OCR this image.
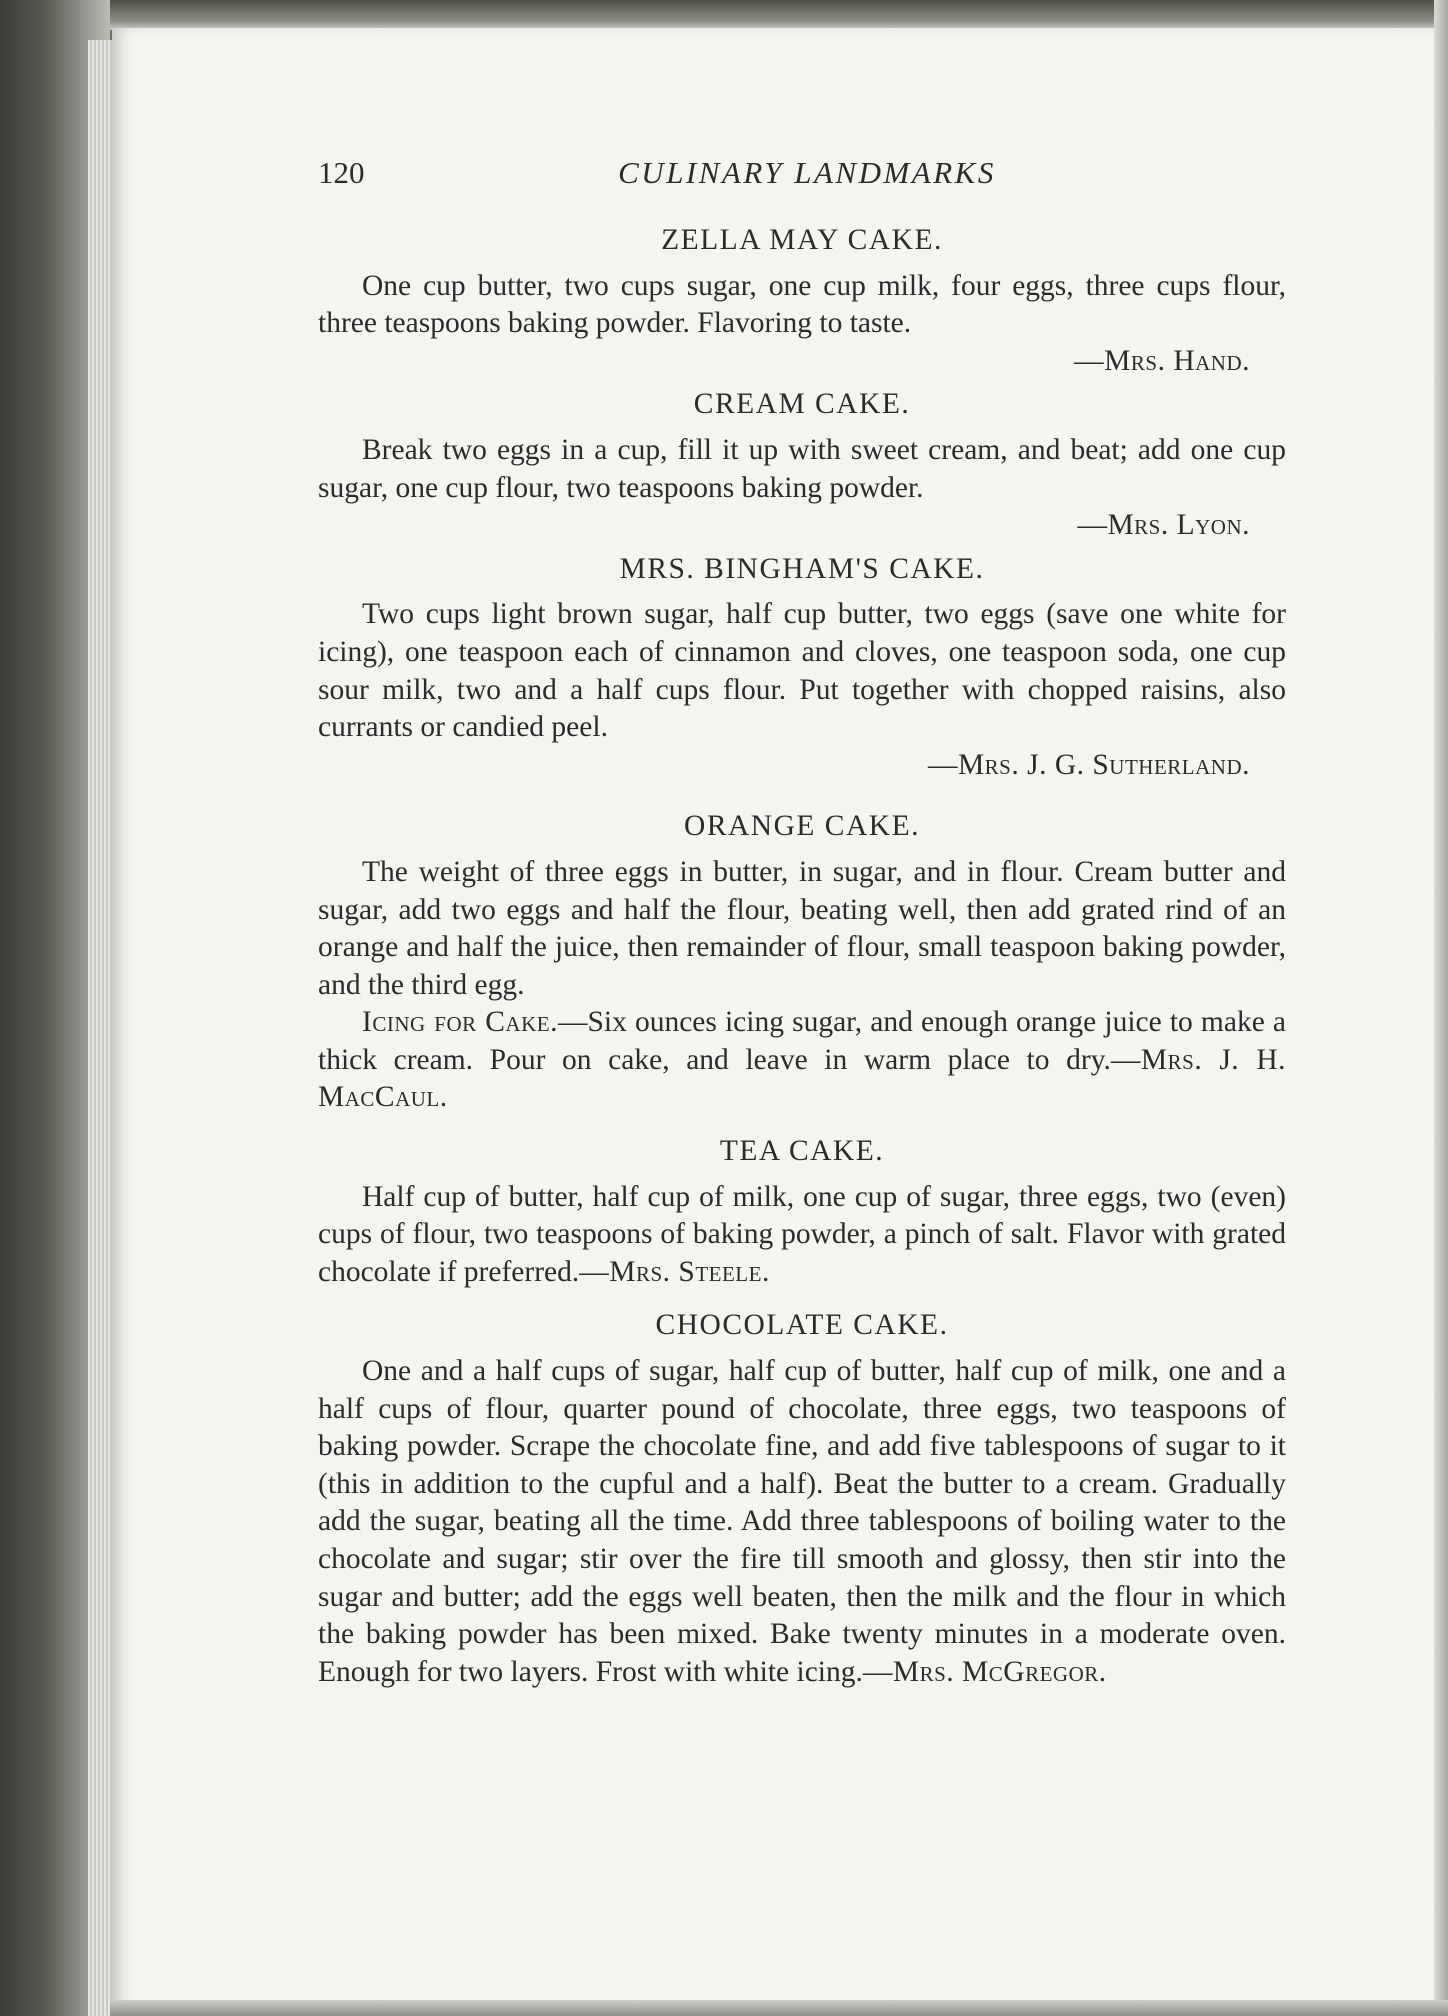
120	CULINARY LANDMARKS
ZELLA MAY CAKE.

One cup butter, two cups sugar, one cup milk, four eggs, three cups flour, three teaspoons baking powder. Flavoring to taste.

—Mrs. Hand.

CREAM CAKE.

Break two eggs in a cup, fill it up with sweet cream, and beat; add one cup sugar, one cup flour, two teaspoons baking powder.

—Mrs. Lyon.

MRS. BINGHAM'S CAKE.

Two cups light brown sugar, half cup butter, two eggs (save one white for icing), one teaspoon each of cinnamon and cloves, one teaspoon soda, one cup sour milk, two and a half cups flour. Put together with chopped raisins, also currants or candied peel.

—Mrs. J. G. Sutherland.

ORANGE CAKE.

The weight of three eggs in butter, in sugar, and in flour. Cream butter and sugar, add two eggs and half the flour, beating well, then add grated rind of an orange and half the juice, then remainder of flour, small teaspoon baking powder, and the third egg.

Icing for Cake.—Six ounces icing sugar, and enough orange juice to make a thick cream. Pour on cake, and leave in warm place to dry.—Mrs. J. H. MacCaul.

TEA CAKE.

Half cup of butter, half cup of milk, one cup of sugar, three eggs, two (even) cups of flour, two teaspoons of baking powder, a pinch of salt. Flavor with grated chocolate if preferred.—Mrs. Steele.

CHOCOLATE CAKE.

One and a half cups of sugar, half cup of butter, half cup of milk, one and a half cups of flour, quarter pound of chocolate, three eggs, two teaspoons of baking powder. Scrape the chocolate fine, and add five tablespoons of sugar to it (this in addition to the cupful and a half). Beat the butter to a cream. Gradually add the sugar, beating all the time. Add three tablespoons of boiling water to the chocolate and sugar; stir over the fire till smooth and glossy, then stir into the sugar and butter; add the eggs well beaten, then the milk and the flour in which the baking powder has been mixed. Bake twenty minutes in a moderate oven. Enough for two layers. Frost with white icing.—Mrs. McGregor.
